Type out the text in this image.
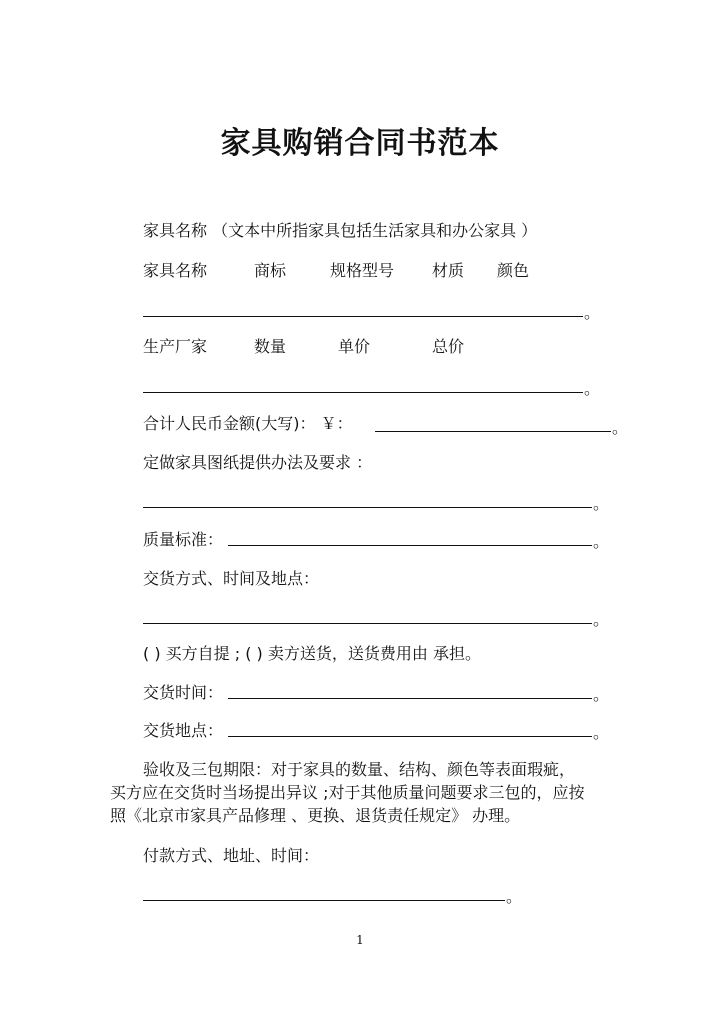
家具购销合同书范本
家具名称 （文本中所指家具包括生活家具和办公家具 ）
家具名称	商标	规格型号 材质 颜色
。
生产厂家	数量	单价	总价
。
合计人民币金额(大写)： ￥：	。
定做家具图纸提供办法及要求 ：
。
质量标准：	。
交货方式、时间及地点：
。
( ) 买方自提 ; ( ) 卖方送货，送货费用由 承担。
交货时间：	。
交货地点：	。
验收及三包期限：对于家具的数量、结构、颜色等表面瑕疵，
买方应在交货时当场提出异议 ;对于其他质量问题要求三包的，应按
照《北京市家具产品修理 、更换、退货责任规定》 办理。
付款方式、地址、时间：
。
1
